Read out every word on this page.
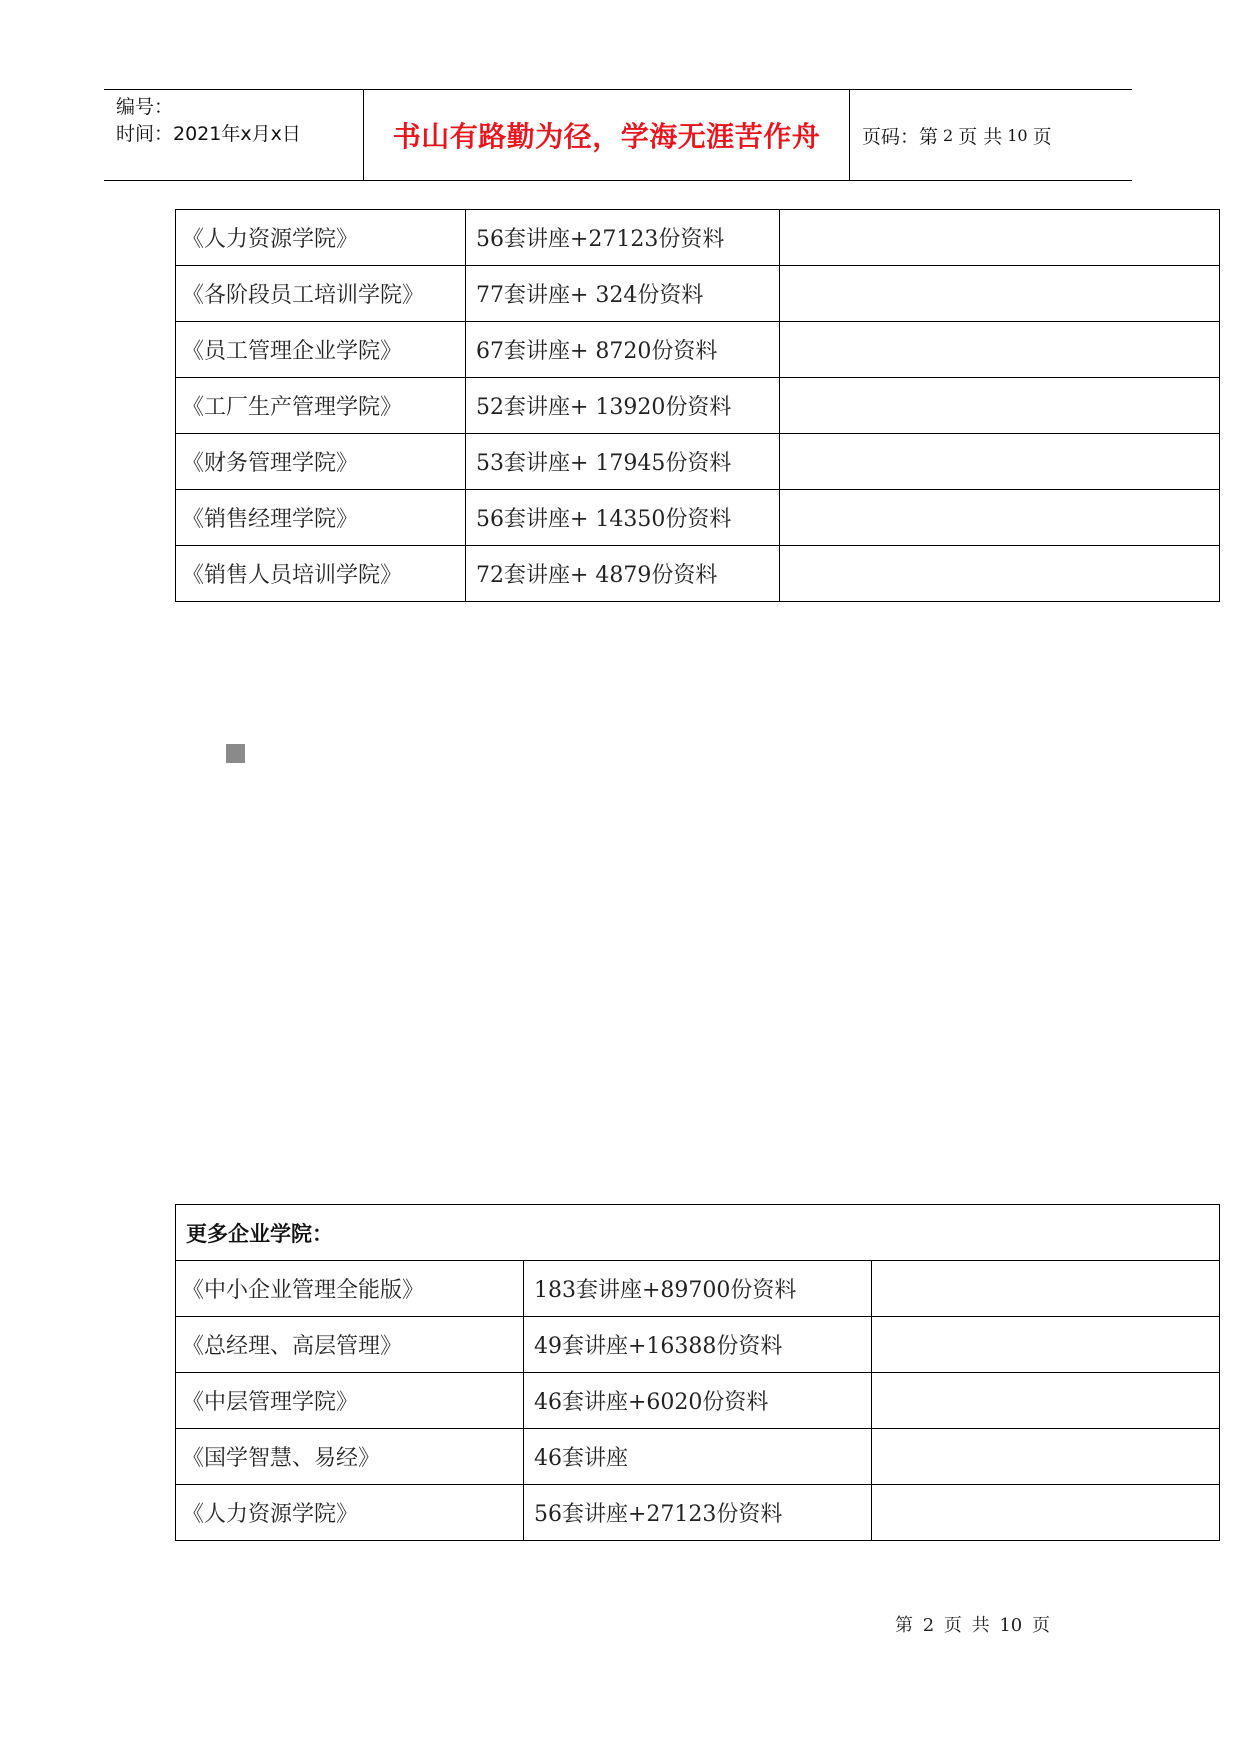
编号：
时间：2021年x月x日	书山有路勤为径，学海无涯苦作舟	页码：第 2 页 共 10 页
《人力资源学院》	56套讲座+27123份资料	
《各阶段员工培训学院》	77套讲座+ 324份资料	
《员工管理企业学院》	67套讲座+ 8720份资料	
《工厂生产管理学院》	52套讲座+ 13920份资料	
《财务管理学院》	53套讲座+ 17945份资料	
《销售经理学院》	56套讲座+ 14350份资料	
《销售人员培训学院》	72套讲座+ 4879份资料	
更多企业学院：		
《中小企业管理全能版》	183套讲座+89700份资料	
《总经理、高层管理》	49套讲座+16388份资料	
《中层管理学院》	46套讲座+6020份资料	
《国学智慧、易经》	46套讲座	
《人力资源学院》	56套讲座+27123份资料	
第 2 页 共 10 页
